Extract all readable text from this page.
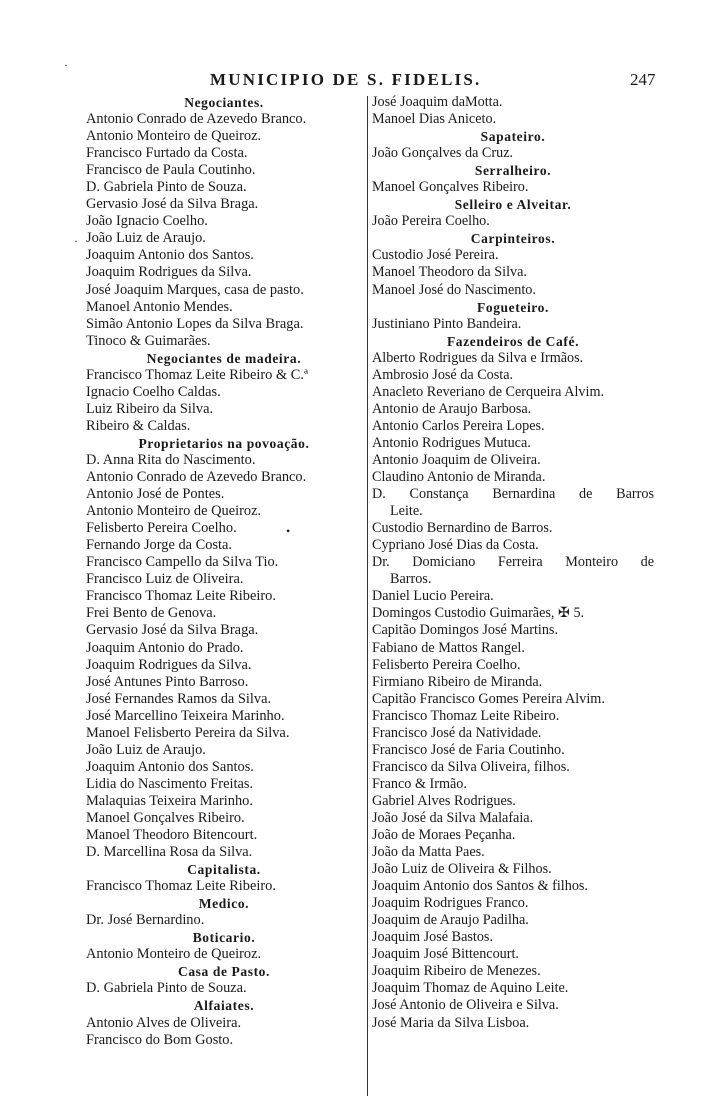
MUNICIPIO DE S. FIDELIS.	247
Negociantes.
Antonio Conrado de Azevedo Branco.
Antonio Monteiro de Queiroz.
Francisco Furtado da Costa.
Francisco de Paula Coutinho.
D. Gabriela Pinto de Souza.
Gervasio José da Silva Braga.
João Ignacio Coelho.
João Luiz de Araujo.
Joaquim Antonio dos Santos.
Joaquim Rodrigues da Silva.
José Joaquim Marques, casa de pasto.
Manoel Antonio Mendes.
Simão Antonio Lopes da Silva Braga.
Tinoco & Guimarães.
Negociantes de madeira.
Francisco Thomaz Leite Ribeiro & C.ª
Ignacio Coelho Caldas.
Luiz Ribeiro da Silva.
Ribeiro & Caldas.
Proprietarios na povoação.
D. Anna Rita do Nascimento.
Antonio Conrado de Azevedo Branco.
Antonio José de Pontes.
Antonio Monteiro de Queiroz.
Felisberto Pereira Coelho.
Fernando Jorge da Costa.
Francisco Campello da Silva Tio.
Francisco Luiz de Oliveira.
Francisco Thomaz Leite Ribeiro.
Frei Bento de Genova.
Gervasio José da Silva Braga.
Joaquim Antonio do Prado.
Joaquim Rodrigues da Silva.
José Antunes Pinto Barroso.
José Fernandes Ramos da Silva.
José Marcellino Teixeira Marinho.
Manoel Felisberto Pereira da Silva.
João Luiz de Araujo.
Joaquim Antonio dos Santos.
Lidia do Nascimento Freitas.
Malaquias Teixeira Marinho.
Manoel Gonçalves Ribeiro.
Manoel Theodoro Bitencourt.
D. Marcellina Rosa da Silva.
Capitalista.
Francisco Thomaz Leite Ribeiro.
Medico.
Dr. José Bernardino.
Boticario.
Antonio Monteiro de Queiroz.
Casa de Pasto.
D. Gabriela Pinto de Souza.
Alfaiates.
Antonio Alves de Oliveira.
Francisco do Bom Gosto.
José Joaquim daMotta.
Manoel Dias Aniceto.
Sapateiro.
João Gonçalves da Cruz.
Serralheiro.
Manoel Gonçalves Ribeiro.
Selleiro e Alveitar.
João Pereira Coelho.
Carpinteiros.
Custodio José Pereira.
Manoel Theodoro da Silva.
Manoel José do Nascimento.
Fogueteiro.
Justiniano Pinto Bandeira.
Fazendeiros de Café.
Alberto Rodrigues da Silva e Irmãos.
Ambrosio José da Costa.
Anacleto Reveriano de Cerqueira Alvim.
Antonio de Araujo Barbosa.
Antonio Carlos Pereira Lopes.
Antonio Rodrigues Mutuca.
Antonio Joaquim de Oliveira.
Claudino Antonio de Miranda.
D. Constança Bernardina de Barros
Leite.
Custodio Bernardino de Barros.
Cypriano José Dias da Costa.
Dr. Domiciano Ferreira Monteiro de
Barros.
Daniel Lucio Pereira.
Domingos Custodio Guimarães, ✠ 5.
Capitão Domingos José Martins.
Fabiano de Mattos Rangel.
Felisberto Pereira Coelho.
Firmiano Ribeiro de Miranda.
Capitão Francisco Gomes Pereira Alvim.
Francisco Thomaz Leite Ribeiro.
Francisco José da Natividade.
Francisco José de Faria Coutinho.
Francisco da Silva Oliveira, filhos.
Franco & Irmão.
Gabriel Alves Rodrigues.
João José da Silva Malafaia.
João de Moraes Peçanha.
João da Matta Paes.
João Luiz de Oliveira & Filhos.
Joaquim Antonio dos Santos & filhos.
Joaquim Rodrigues Franco.
Joaquim de Araujo Padilha.
Joaquim José Bastos.
Joaquim José Bittencourt.
Joaquim Ribeiro de Menezes.
Joaquim Thomaz de Aquino Leite.
José Antonio de Oliveira e Silva.
José Maria da Silva Lisboa.
·
·
•
